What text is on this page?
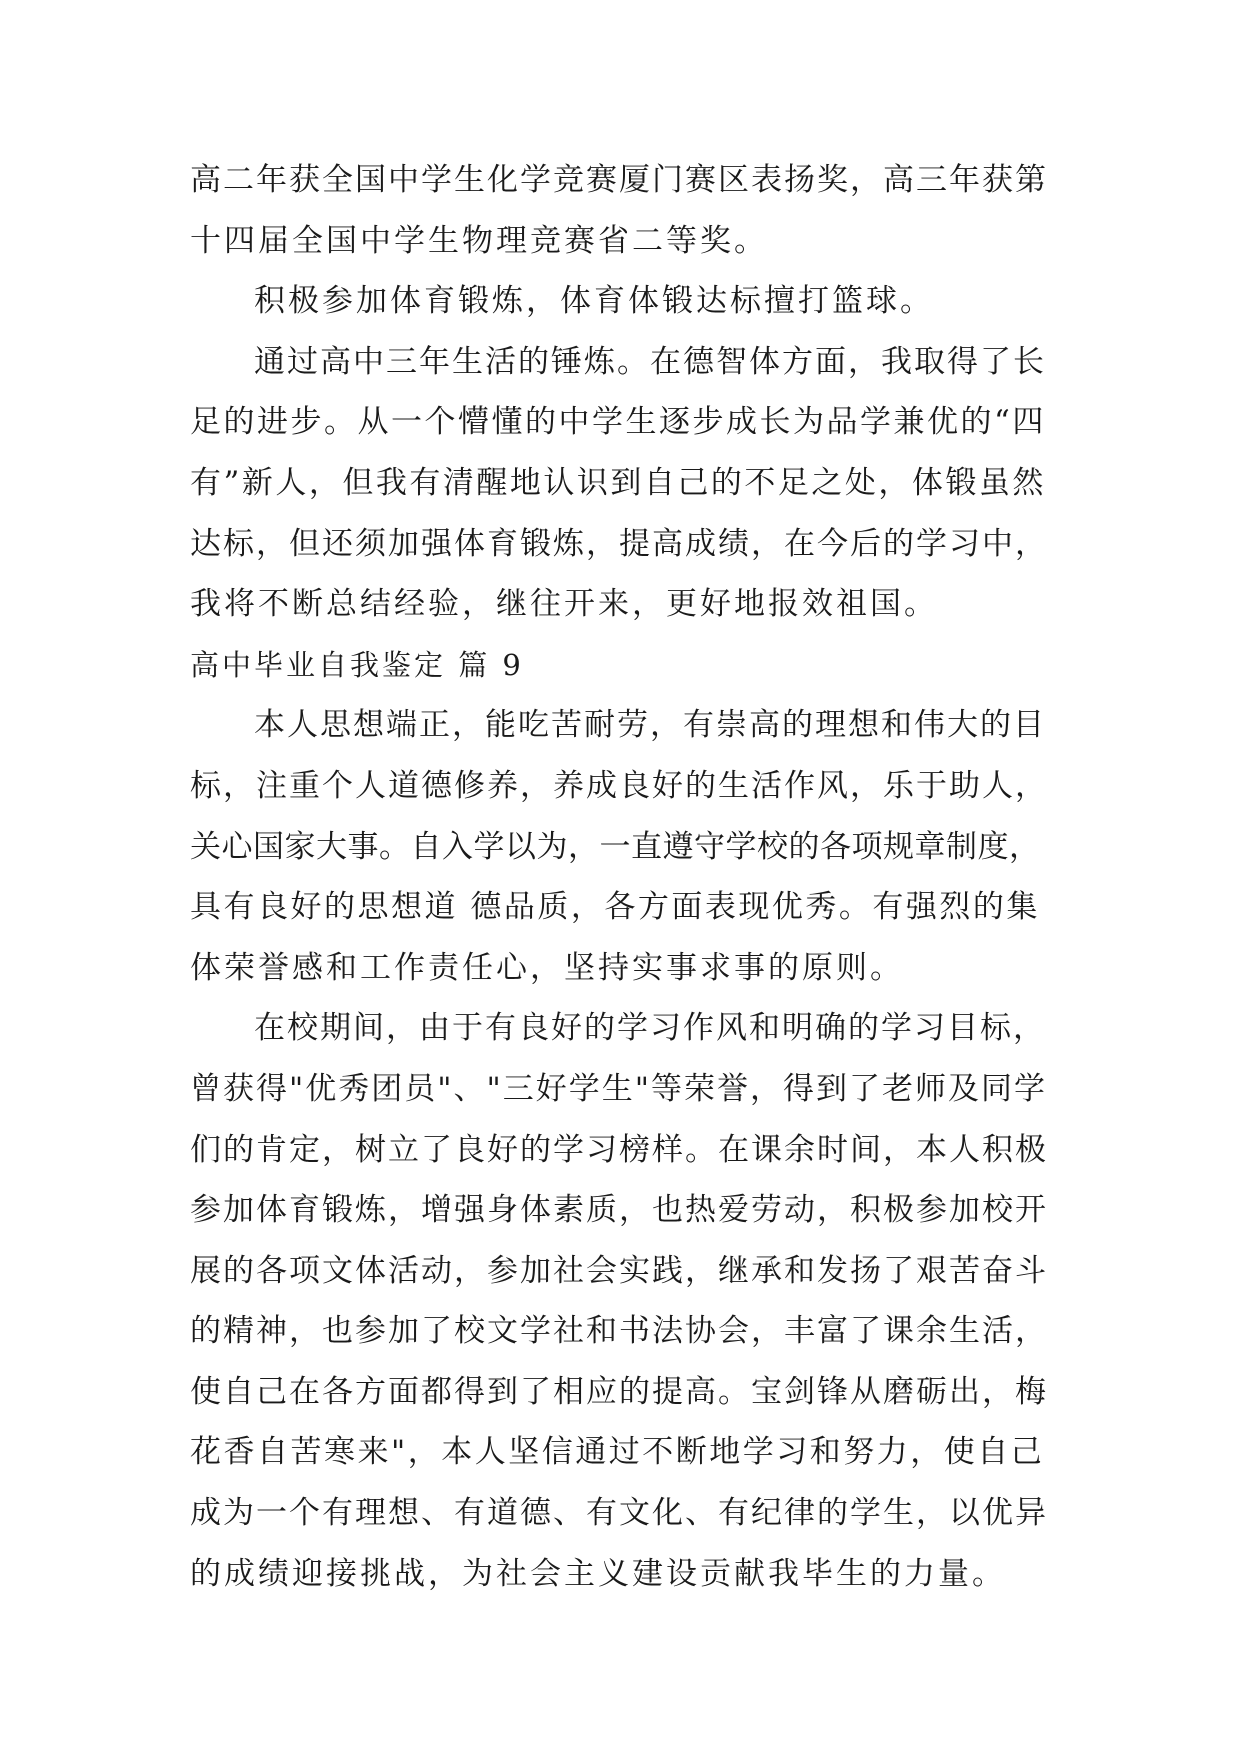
高二年获全国中学生化学竞赛厦门赛区表扬奖，高三年获第
十四届全国中学生物理竞赛省二等奖。
积极参加体育锻炼，体育体锻达标擅打篮球。
通过高中三年生活的锤炼。在德智体方面，我取得了长
足的进步。从一个懵懂的中学生逐步成长为品学兼优的“四
有”新人，但我有清醒地认识到自己的不足之处，体锻虽然
达标，但还须加强体育锻炼，提高成绩，在今后的学习中，
我将不断总结经验，继往开来，更好地报效祖国。
高中毕业自我鉴定 篇 9
本人思想端正，能吃苦耐劳，有崇高的理想和伟大的目
标，注重个人道德修养，养成良好的生活作风，乐于助人，
关心国家大事。自入学以为，一直遵守学校的各项规章制度，
具有良好的思想道 德品质，各方面表现优秀。有强烈的集
体荣誉感和工作责任心，坚持实事求事的原则。
在校期间，由于有良好的学习作风和明确的学习目标，
曾获得"优秀团员"、"三好学生"等荣誉，得到了老师及同学
们的肯定，树立了良好的学习榜样。在课余时间，本人积极
参加体育锻炼，增强身体素质，也热爱劳动，积极参加校开
展的各项文体活动，参加社会实践，继承和发扬了艰苦奋斗
的精神，也参加了校文学社和书法协会，丰富了课余生活，
使自己在各方面都得到了相应的提高。宝剑锋从磨砺出，梅
花香自苦寒来"，本人坚信通过不断地学习和努力，使自己
成为一个有理想、有道德、有文化、有纪律的学生，以优异
的成绩迎接挑战，为社会主义建设贡献我毕生的力量。
